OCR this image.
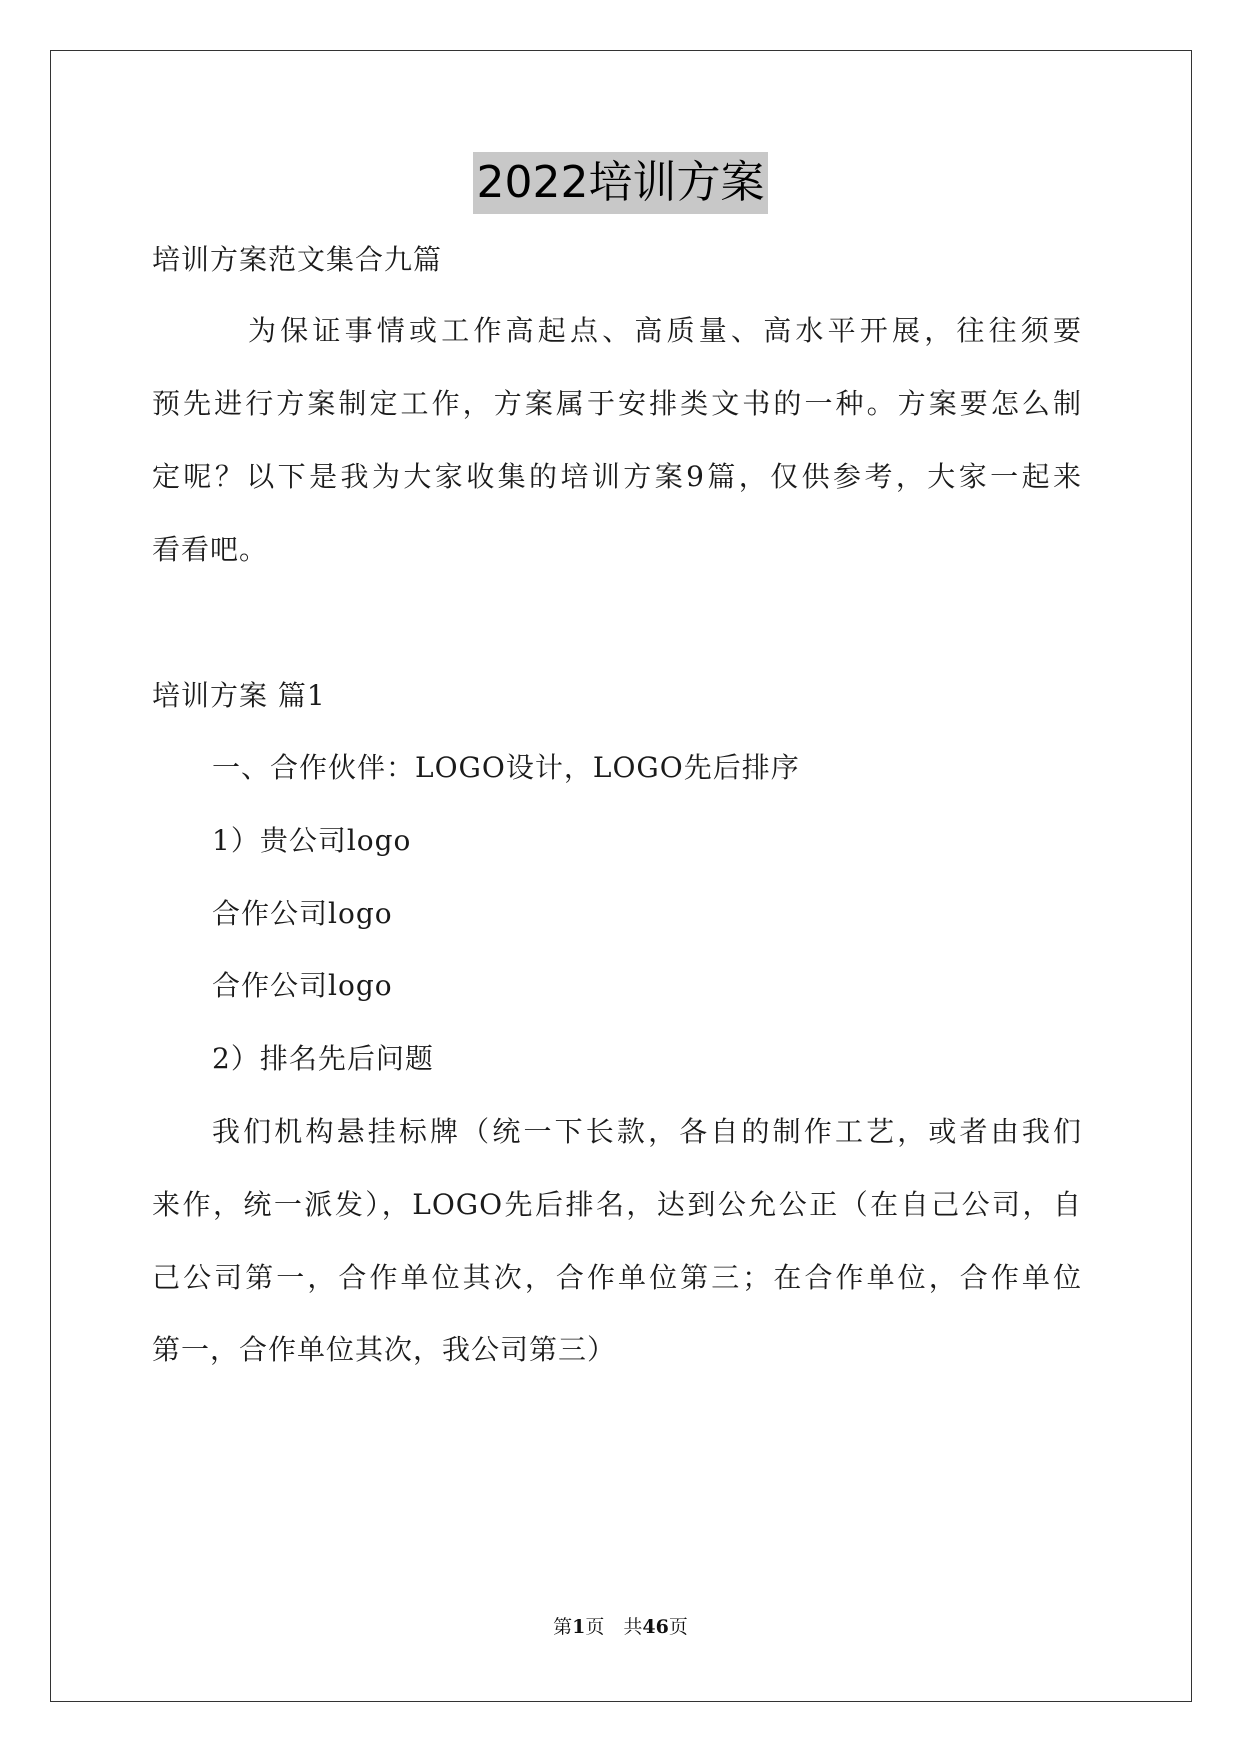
2022培训方案
培训方案范文集合九篇
为保证事情或工作高起点、高质量、高水平开展，往往须要
预先进行方案制定工作，方案属于安排类文书的一种。方案要怎么制
定呢？以下是我为大家收集的培训方案9篇，仅供参考，大家一起来
看看吧。
培训方案 篇1
一、合作伙伴：LOGO设计，LOGO先后排序
1）贵公司logo
合作公司logo
合作公司logo
2）排名先后问题
我们机构悬挂标牌（统一下长款，各自的制作工艺，或者由我们
来作，统一派发），LOGO先后排名，达到公允公正（在自己公司，自
己公司第一，合作单位其次，合作单位第三；在合作单位，合作单位
第一，合作单位其次，我公司第三）
第1页　共46页
